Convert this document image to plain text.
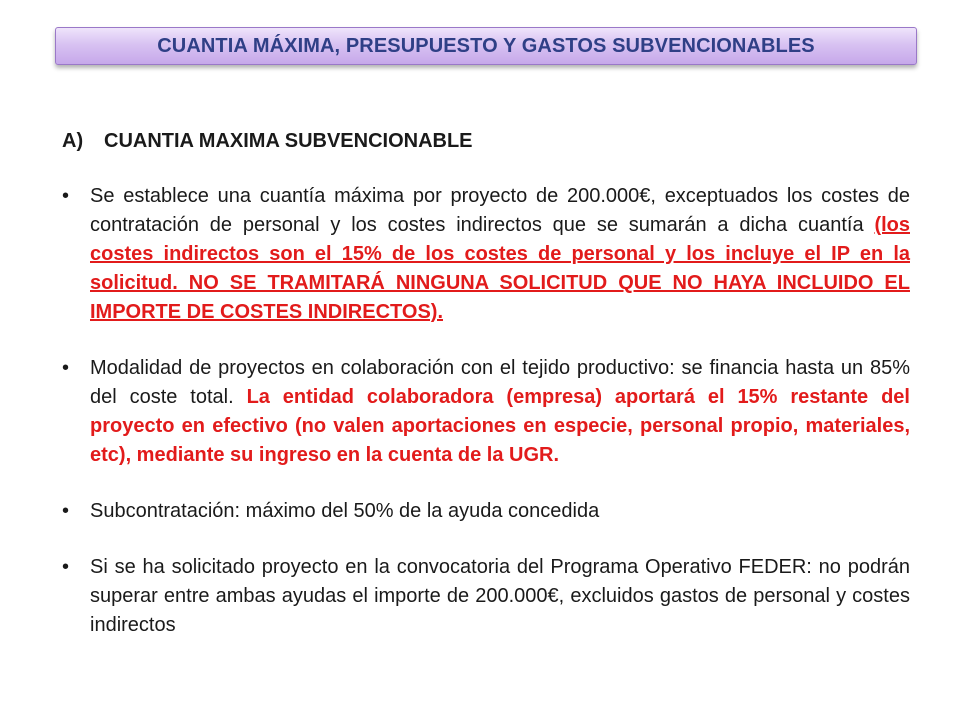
CUANTIA MÁXIMA, PRESUPUESTO Y GASTOS SUBVENCIONABLES
A)	CUANTIA MAXIMA SUBVENCIONABLE
•	Se establece una cuantía máxima por proyecto de 200.000€, exceptuados los costes de contratación de personal y los costes indirectos que se sumarán a dicha cuantía (los costes indirectos son el 15% de los costes de personal y los incluye el IP en la solicitud. NO SE TRAMITARÁ NINGUNA SOLICITUD QUE NO HAYA INCLUIDO EL IMPORTE DE COSTES INDIRECTOS).
•	Modalidad de proyectos en colaboración con el tejido productivo: se financia hasta un 85% del coste total. La entidad colaboradora (empresa) aportará el 15% restante del proyecto en efectivo (no valen aportaciones en especie, personal propio, materiales, etc), mediante su ingreso en la cuenta de la UGR.
•	Subcontratación: máximo del 50% de la ayuda concedida
•	Si se ha solicitado proyecto en la convocatoria del Programa Operativo FEDER: no podrán superar entre ambas ayudas el importe de 200.000€, excluidos gastos de personal y costes indirectos
